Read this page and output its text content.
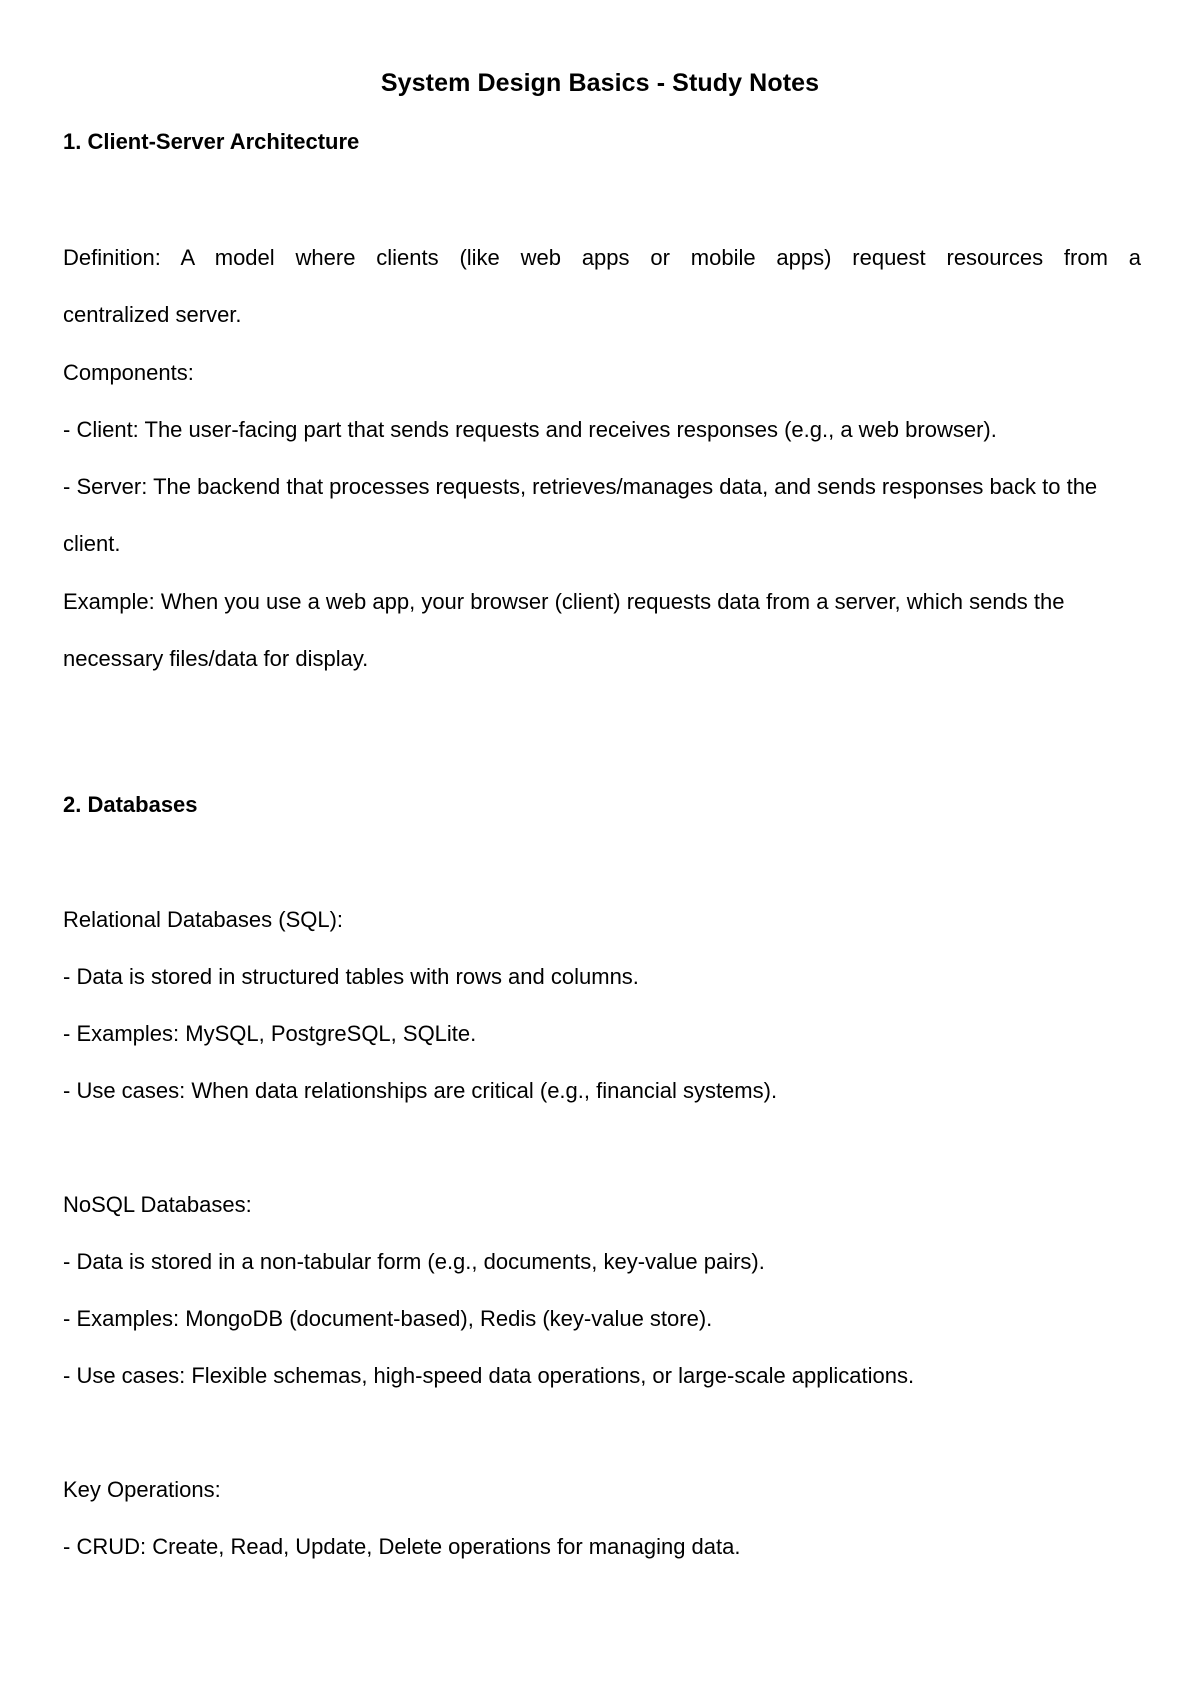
System Design Basics - Study Notes
1. Client-Server Architecture
Definition: A model where clients (like web apps or mobile apps) request resources from a
centralized server.
Components:
- Client: The user-facing part that sends requests and receives responses (e.g., a web browser).
- Server: The backend that processes requests, retrieves/manages data, and sends responses back to the client.
Example: When you use a web app, your browser (client) requests data from a server, which sends the necessary files/data for display.
2. Databases
Relational Databases (SQL):
- Data is stored in structured tables with rows and columns.
- Examples: MySQL, PostgreSQL, SQLite.
- Use cases: When data relationships are critical (e.g., financial systems).
NoSQL Databases:
- Data is stored in a non-tabular form (e.g., documents, key-value pairs).
- Examples: MongoDB (document-based), Redis (key-value store).
- Use cases: Flexible schemas, high-speed data operations, or large-scale applications.
Key Operations:
- CRUD: Create, Read, Update, Delete operations for managing data.
